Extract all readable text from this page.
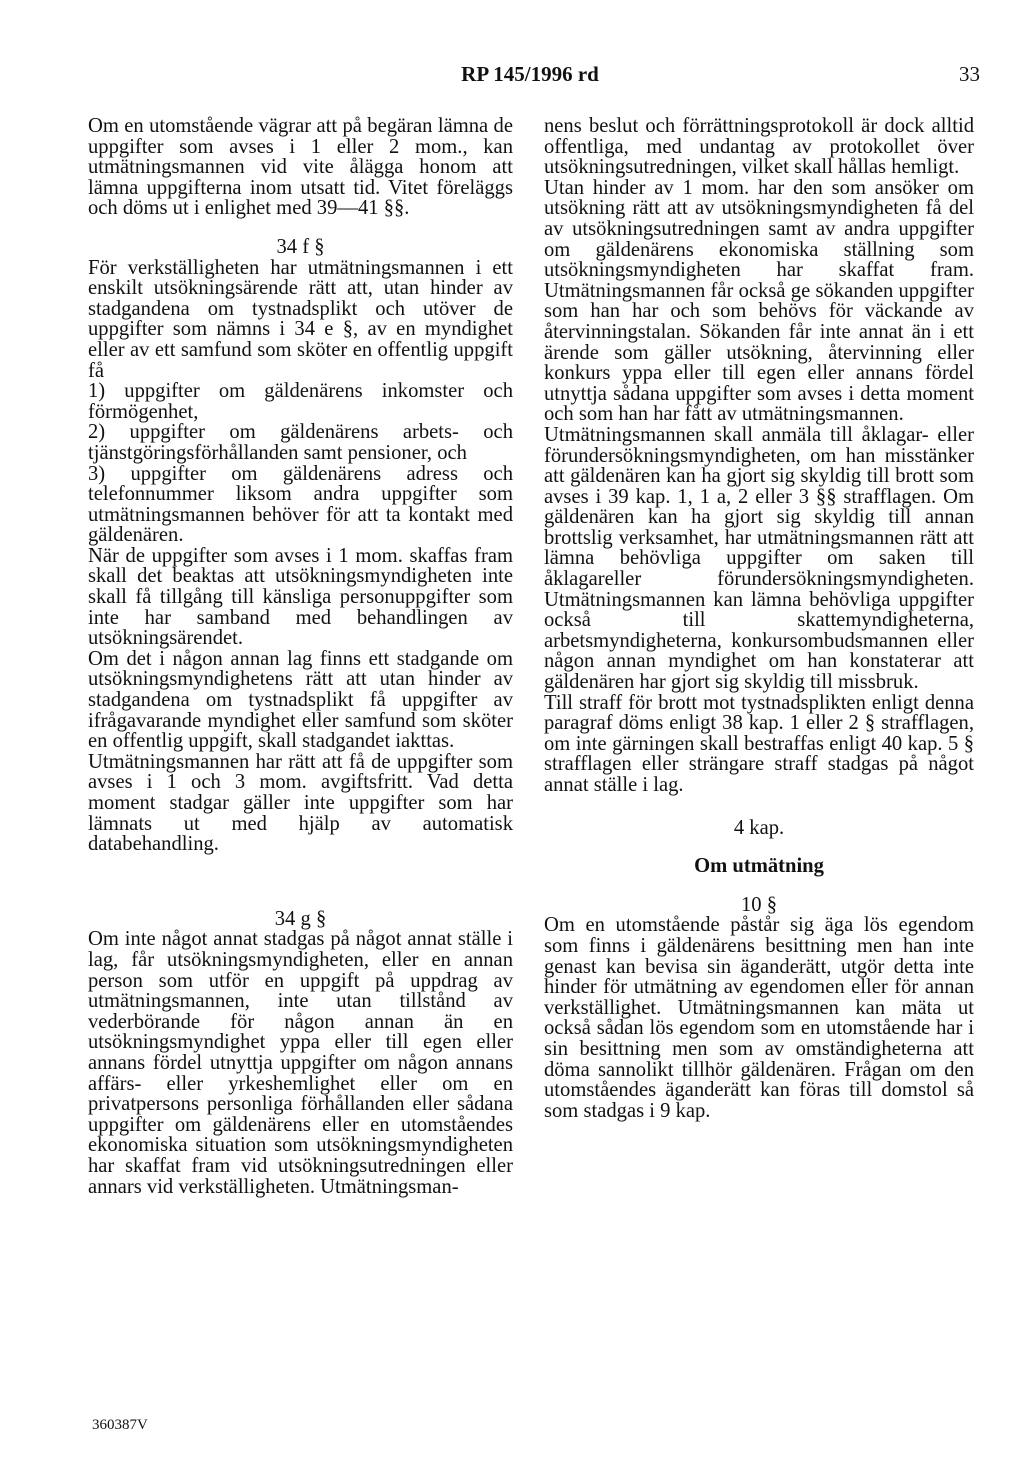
RP 145/1996 rd	33

Om en utomstående vägrar att på begäran lämna de uppgifter som avses i 1 eller 2 mom., kan utmätningsmannen vid vite ålägga honom att lämna uppgifterna inom utsatt tid. Vitet föreläggs och döms ut i enlighet med 39—41 §§.

34 f §

För verkställigheten har utmätningsmannen i ett enskilt utsökningsärende rätt att, utan hinder av stadgandena om tystnadsplikt och utöver de uppgifter som nämns i 34 e §, av en myndighet eller av ett samfund som sköter en offentlig uppgift få

1) uppgifter om gäldenärens inkomster och förmögenhet,

2) uppgifter om gäldenärens arbets- och tjänstgöringsförhållanden samt pensioner, och

3) uppgifter om gäldenärens adress och telefonnummer liksom andra uppgifter som utmätningsmannen behöver för att ta kontakt med gäldenären.

När de uppgifter som avses i 1 mom. skaffas fram skall det beaktas att utsökningsmyndigheten inte skall få tillgång till känsliga personuppgifter som inte har samband med behandlingen av utsökningsärendet.

Om det i någon annan lag finns ett stadgande om utsökningsmyndighetens rätt att utan hinder av stadgandena om tystnadsplikt få uppgifter av ifrågavarande myndighet eller samfund som sköter en offentlig uppgift, skall stadgandet iakttas.

Utmätningsmannen har rätt att få de uppgifter som avses i 1 och 3 mom. avgiftsfritt. Vad detta moment stadgar gäller inte uppgifter som har lämnats ut med hjälp av automatisk databehandling.

34 g §

Om inte något annat stadgas på något annat ställe i lag, får utsökningsmyndigheten, eller en annan person som utför en uppgift på uppdrag av utmätningsmannen, inte utan tillstånd av vederbörande för någon annan än en utsökningsmyndighet yppa eller till egen eller annans fördel utnyttja uppgifter om någon annans affärs- eller yrkeshemlighet eller om en privatpersons personliga förhållanden eller sådana uppgifter om gäldenärens eller en utomståendes ekonomiska situation som utsökningsmyndigheten har skaffat fram vid utsökningsutredningen eller annars vid verkställigheten. Utmätningsman-

nens beslut och förrättningsprotokoll är dock alltid offentliga, med undantag av protokollet över utsökningsutredningen, vilket skall hållas hemligt.

Utan hinder av 1 mom. har den som ansöker om utsökning rätt att av utsökningsmyndigheten få del av utsökningsutredningen samt av andra uppgifter om gäldenärens ekonomiska ställning som utsökningsmyndigheten har skaffat fram. Utmätningsmannen får också ge sökanden uppgifter som han har och som behövs för väckande av återvinningstalan. Sökanden får inte annat än i ett ärende som gäller utsökning, återvinning eller konkurs yppa eller till egen eller annans fördel utnyttja sådana uppgifter som avses i detta moment och som han har fått av utmätningsmannen.

Utmätningsmannen skall anmäla till åklagar- eller förundersökningsmyndigheten, om han misstänker att gäldenären kan ha gjort sig skyldig till brott som avses i 39 kap. 1, 1 a, 2 eller 3 §§ strafflagen. Om gäldenären kan ha gjort sig skyldig till annan brottslig verksamhet, har utmätningsmannen rätt att lämna behövliga uppgifter om saken till åklagareller förundersökningsmyndigheten. Utmätningsmannen kan lämna behövliga uppgifter också till skattemyndigheterna, arbetsmyndigheterna, konkursombudsmannen eller någon annan myndighet om han konstaterar att gäldenären har gjort sig skyldig till missbruk.

Till straff för brott mot tystnadsplikten enligt denna paragraf döms enligt 38 kap. 1 eller 2 § strafflagen, om inte gärningen skall bestraffas enligt 40 kap. 5 § strafflagen eller strängare straff stadgas på något annat ställe i lag.

4 kap.

Om utmätning

10 §

Om en utomstående påstår sig äga lös egendom som finns i gäldenärens besittning men han inte genast kan bevisa sin äganderätt, utgör detta inte hinder för utmätning av egendomen eller för annan verkställighet. Utmätningsmannen kan mäta ut också sådan lös egendom som en utomstående har i sin besittning men som av omständigheterna att döma sannolikt tillhör gäldenären. Frågan om den utomståendes äganderätt kan föras till domstol så som stadgas i 9 kap.

360387V
